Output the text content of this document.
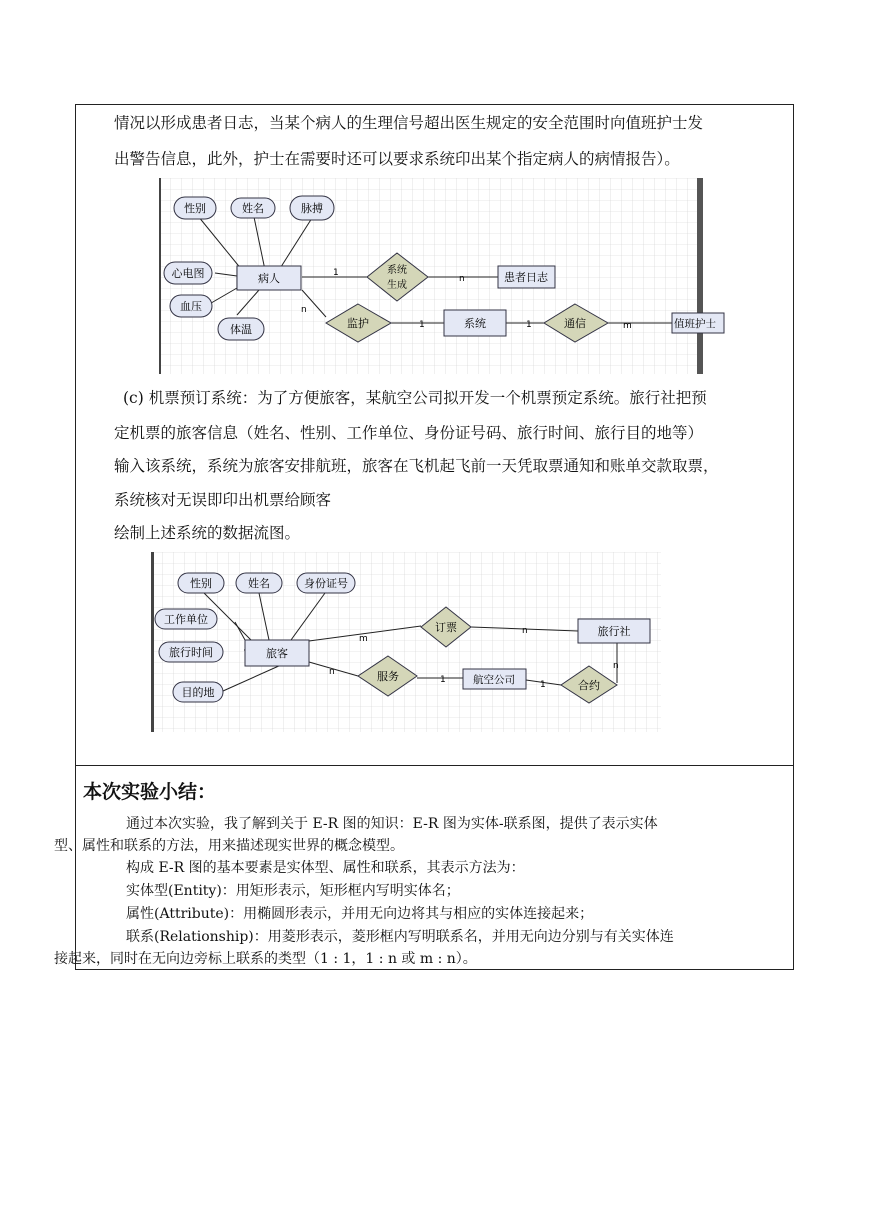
情况以形成患者日志，当某个病人的生理信号超出医生规定的安全范围时向值班护士发

出警告信息，此外，护士在需要时还可以要求系统印出某个指定病人的病情报告）。

n
1
n
1	1	m
性别	姓名	脉搏
心电图
血压
体温
病人	患者日志
系统	值班护士
系统
生成
监护	通信

(c) 机票预订系统：为了方便旅客，某航空公司拟开发一个机票预定系统。旅行社把预

定机票的旅客信息（姓名、性别、工作单位、身份证号码、旅行时间、旅行目的地等）

输入该系统，系统为旅客安排航班，旅客在飞机起飞前一天凭取票通知和账单交款取票，

系统核对无误即印出机票给顾客

绘制上述系统的数据流图。

m
n
n
1	1
n
性别	姓名	身份证号
工作单位
旅行时间
目的地
旅客
旅行社
航空公司
订票
服务
合约

本次实验小结：

通过本次实验，我了解到关于 E-R 图的知识：E-R 图为实体-联系图，提供了表示实体
型、属性和联系的方法，用来描述现实世界的概念模型。

构成 E-R 图的基本要素是实体型、属性和联系，其表示方法为：

实体型(Entity)：用矩形表示，矩形框内写明实体名；

属性(Attribute)：用椭圆形表示，并用无向边将其与相应的实体连接起来；

联系(Relationship)：用菱形表示，菱形框内写明联系名，并用无向边分别与有关实体连
接起来，同时在无向边旁标上联系的类型（1 : 1，1 : n 或 m : n）。
